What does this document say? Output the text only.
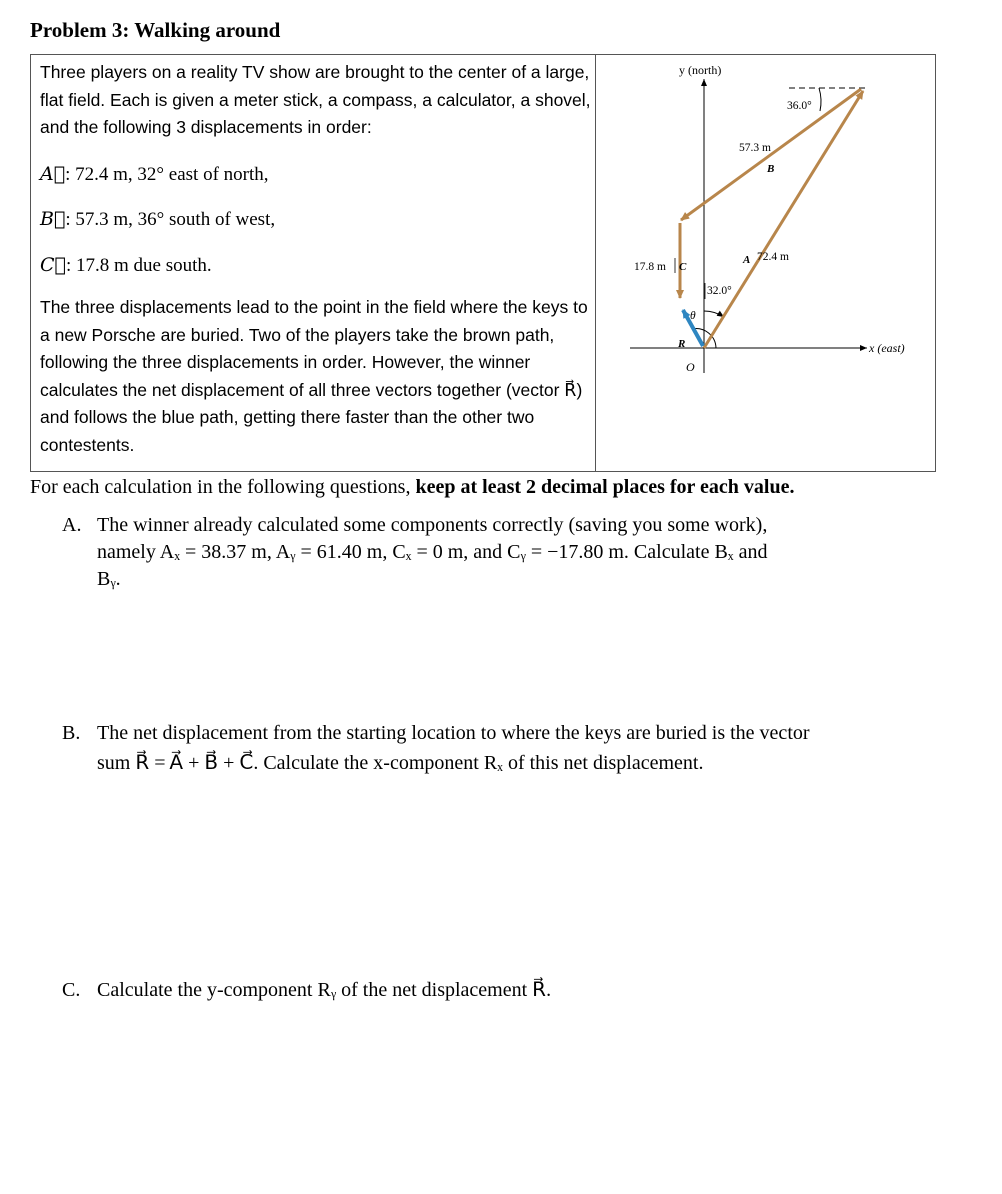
Problem 3: Walking around

Three players on a reality TV show are brought to the center of a large, flat field. Each is given a meter stick, a compass, a calculator, a shovel, and the following 3 displacements in order:

A⃗: 72.4 m, 32° east of north,

B⃗: 57.3 m, 36° south of west,

C⃗: 17.8 m due south.

The three displacements lead to the point in the field where the keys to a new Porsche are buried. Two of the players take the brown path, following the three displacements in order. However, the winner calculates the net displacement of all three vectors together (vector R⃗) and follows the blue path, getting there faster than the other two contestents.

y (north)
x (east)
O
36.0°
57.3 m
B⃗
A⃗
72.4 m
17.8 m C⃗
32.0°
θ
R⃗
For each calculation in the following questions, keep at least 2 decimal places for each value.
A. The winner already calculated some components correctly (saving you some work),
namely Aₓ = 38.37 m, Aᵧ = 61.40 m, Cₓ = 0 m, and Cᵧ = −17.80 m. Calculate Bₓ and
Bᵧ.
B. The net displacement from the starting location to where the keys are buried is the vector
sum R⃗ = A⃗ + B⃗ + C⃗. Calculate the x-component Rₓ of this net displacement.
C. Calculate the y-component Rᵧ of the net displacement R⃗.
